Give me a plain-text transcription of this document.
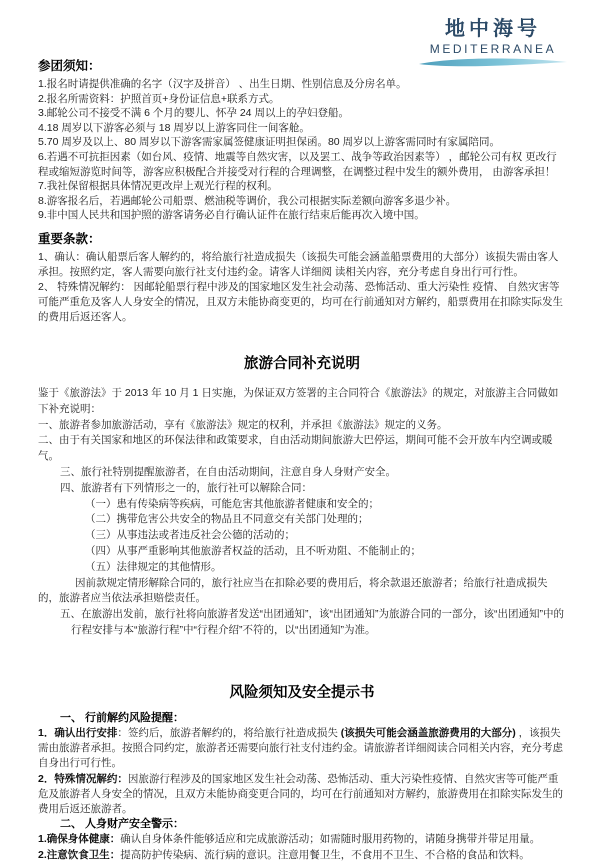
地中海号
MEDITERRANEA

参团须知：

1.报名时请提供准确的名字（汉字及拼音） 、出生日期、性别信息及分房名单。

2.报名所需资料：护照首页+身份证信息+联系方式。

3.邮轮公司不接受不满 6 个月的婴儿、怀孕 24 周以上的孕妇登船。

4.18 周岁以下游客必须与 18 周岁以上游客同住一间客舱。

5.70 周岁及以上、80 周岁以下游客需家属签健康证明担保函。80 周岁以上游客需同时有家属陪同。

6.若遇不可抗拒因素（如台风、疫情、地震等自然灾害，以及罢工、战争等政治因素等） ，邮轮公司有权 更改行程或缩短游览时间等，游客应积极配合并接受对行程的合理调整，在调整过程中发生的额外费用， 由游客承担！

7.我社保留根据具体情况更改岸上观光行程的权利。

8.游客报名后，若遇邮轮公司船票、燃油税等调价，我公司根据实际差额向游客多退少补。

9.非中国人民共和国护照的游客请务必自行确认证件在旅行结束后能再次入境中国。

重要条款：

1、确认：确认船票后客人解约的，将给旅行社造成损失（该损失可能会涵盖船票费用的大部分）该损失需由客人承担。按照约定，客人需要向旅行社支付违约金。请客人详细阅 读相关内容，充分考虑自身出行可行性。

2、 特殊情况解约： 因邮轮船票行程中涉及的国家地区发生社会动荡、恐怖活动、重大污染性 疫情、 自然灾害等可能严重危及客人人身安全的情况，且双方未能协商变更的，均可在行前通知对方解约，船票费用在扣除实际发生的费用后返还客人。

旅游合同补充说明

鉴于《旅游法》于 2013 年 10 月 1 日实施，为保证双方签署的主合同符合《旅游法》的规定，对旅游主合同做如下补充说明：

一、旅游者参加旅游活动，享有《旅游法》规定的权利，并承担《旅游法》规定的义务。

二、由于有关国家和地区的环保法律和政策要求，自由活动期间旅游大巴停运，期间可能不会开放车内空调或暖气。

三、旅行社特别提醒旅游者，在自由活动期间，注意自身人身财产安全。

四、旅游者有下列情形之一的，旅行社可以解除合同：

（一）患有传染病等疾病，可能危害其他旅游者健康和安全的；

（二）携带危害公共安全的物品且不同意交有关部门处理的；

（三）从事违法或者违反社会公德的活动的；

（四）从事严重影响其他旅游者权益的活动，且不听劝阻、不能制止的；

（五）法律规定的其他情形。

因前款规定情形解除合同的，旅行社应当在扣除必要的费用后，将余款退还旅游者；给旅行社造成损失的，旅游者应当依法承担赔偿责任。

五、在旅游出发前，旅行社将向旅游者发送“出团通知”，该“出团通知”为旅游合同的一部分，该“出团通知”中的行程安排与本“旅游行程”中“行程介绍”不符的，以“出团通知”为准。

风险须知及安全提示书

一、 行前解约风险提醒：

1．确认出行安排：签约后，旅游者解约的，将给旅行社造成损失 (该损失可能会涵盖旅游费用的大部分) ，该损失需由旅游者承担。按照合同约定，旅游者还需要向旅行社支付违约金。请旅游者详细阅读合同相关内容，充分考虑自身出行可行性。

2．特殊情况解约：因旅游行程涉及的国家地区发生社会动荡、恐怖活动、重大污染性疫情、自然灾害等可能严重危及旅游者人身安全的情况，且双方未能协商变更合同的，均可在行前通知对方解约，旅游费用在扣除实际发生的费用后返还旅游者。

二、 人身财产安全警示：

1.确保身体健康：确认自身体条件能够适应和完成旅游活动；如需随时服用药物的，请随身携带并带足用量。

2.注意饮食卫生：提高防护传染病、流行病的意识。注意用餐卫生，不食用不卫生、不合格的食品和饮料。
